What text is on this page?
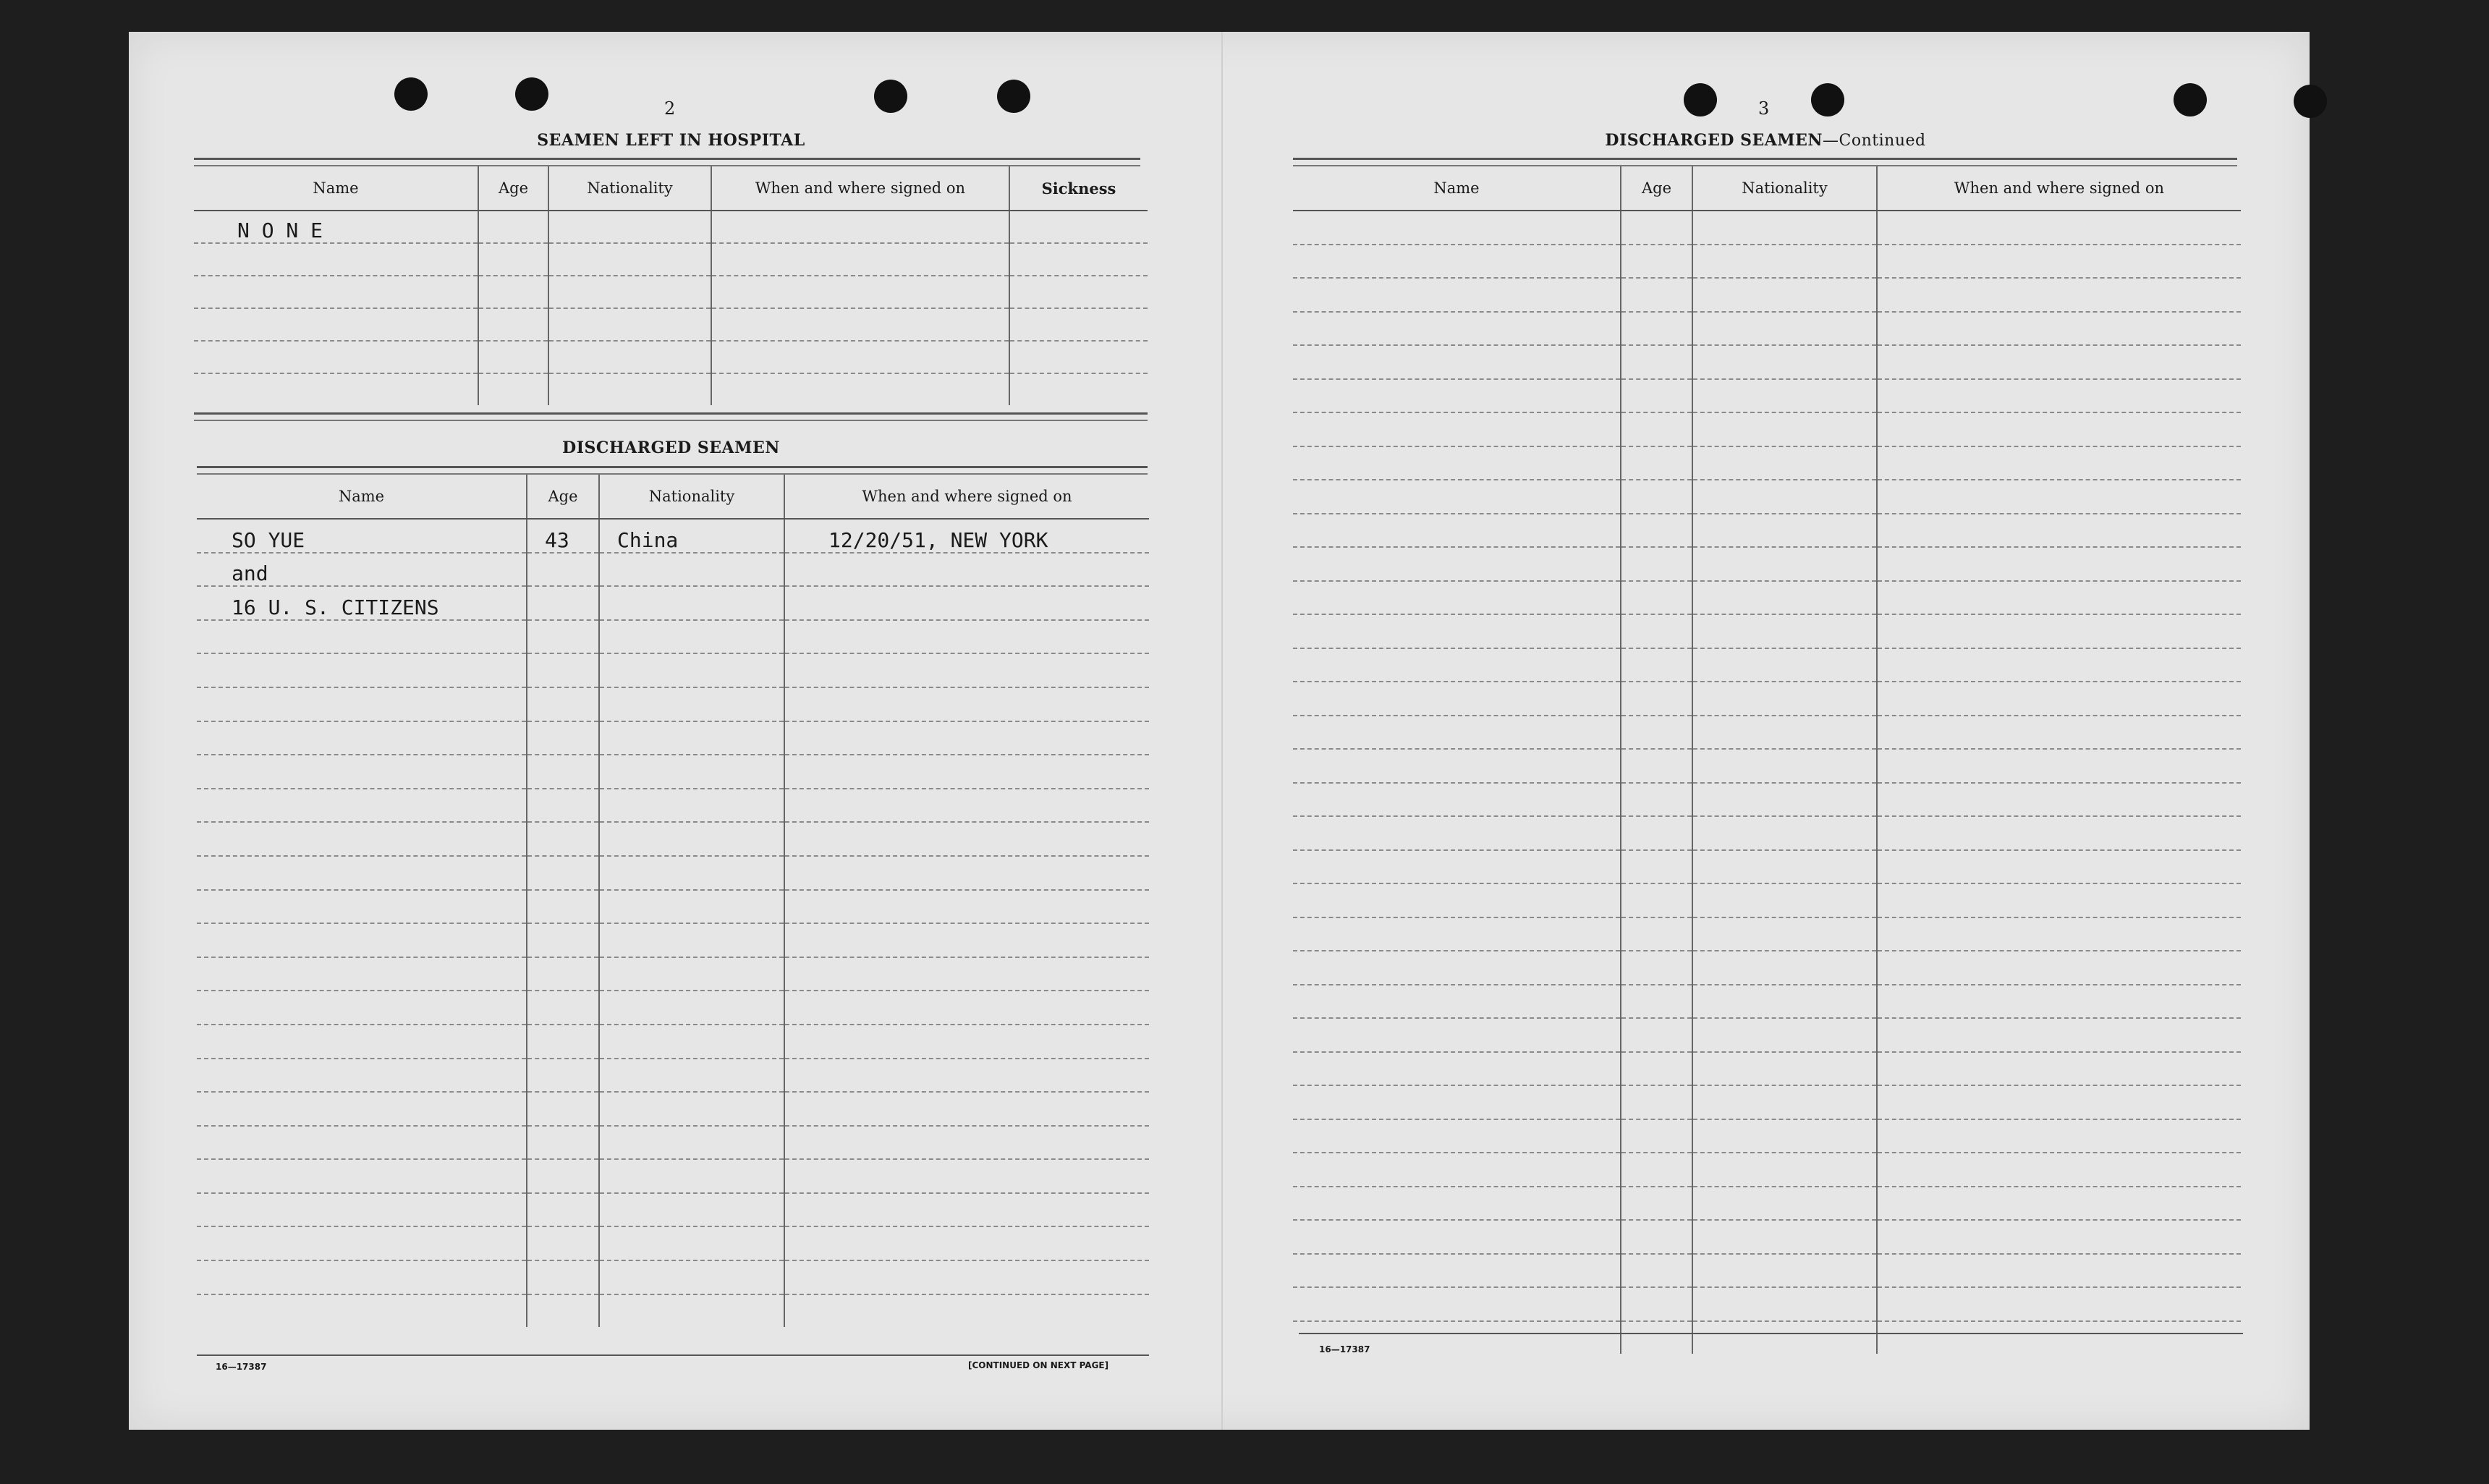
2
SEAMEN LEFT IN HOSPITAL
Name	Age	Nationality	When and where signed on	Sickness
N O N E				

DISCHARGED SEAMEN
Name	Age	Nationality	When and where signed on
SO YUE	43	China	12/20/51, NEW YORK
and			
16 U. S. CITIZENS			

16—17387	[CONTINUED ON NEXT PAGE]
3
DISCHARGED SEAMEN—Continued
Name	Age	Nationality	When and where signed on

16—17387
